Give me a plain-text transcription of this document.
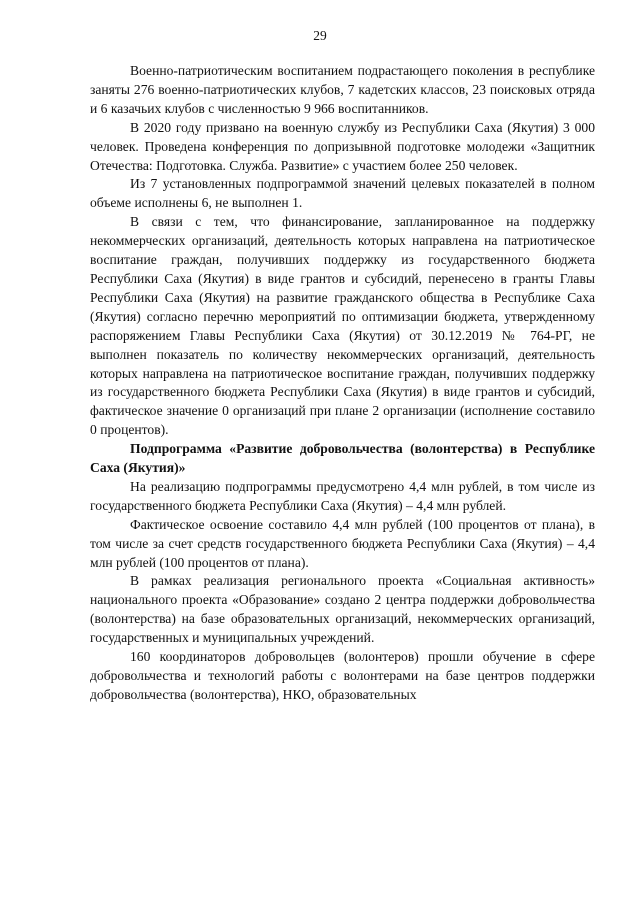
29

Военно-патриотическим воспитанием подрастающего поколения в республике заняты 276 военно-патриотических клубов, 7 кадетских классов, 23 поисковых отряда и 6 казачьих клубов с численностью 9 966 воспитанников.

В 2020 году призвано на военную службу из Республики Саха (Якутия) 3 000 человек. Проведена конференция по допризывной подготовке молодежи «Защитник Отечества: Подготовка. Служба. Развитие» с участием более 250 человек.

Из 7 установленных подпрограммой значений целевых показателей в полном объеме исполнены 6, не выполнен 1.

В связи с тем, что финансирование, запланированное на поддержку некоммерческих организаций, деятельность которых направлена на патриотическое воспитание граждан, получивших поддержку из государственного бюджета Республики Саха (Якутия) в виде грантов и субсидий, перенесено в гранты Главы Республики Саха (Якутия) на развитие гражданского общества в Республике Саха (Якутия) согласно перечню мероприятий по оптимизации бюджета, утвержденному распоряжением Главы Республики Саха (Якутия) от 30.12.2019 № 764-РГ, не выполнен показатель по количеству некоммерческих организаций, деятельность которых направлена на патриотическое воспитание граждан, получивших поддержку из государственного бюджета Республики Саха (Якутия) в виде грантов и субсидий, фактическое значение 0 организаций при плане 2 организации (исполнение составило 0 процентов).

Подпрограмма «Развитие добровольчества (волонтерства) в Республике Саха (Якутия)»

На реализацию подпрограммы предусмотрено 4,4 млн рублей, в том числе из государственного бюджета Республики Саха (Якутия) – 4,4 млн рублей.

Фактическое освоение составило 4,4 млн рублей (100 процентов от плана), в том числе за счет средств государственного бюджета Республики Саха (Якутия) – 4,4 млн рублей (100 процентов от плана).

В рамках реализация регионального проекта «Социальная активность» национального проекта «Образование» создано 2 центра поддержки добровольчества (волонтерства) на базе образовательных организаций, некоммерческих организаций, государственных и муниципальных учреждений.

160 координаторов добровольцев (волонтеров) прошли обучение в сфере добровольчества и технологий работы с волонтерами на базе центров поддержки добровольчества (волонтерства), НКО, образовательных
